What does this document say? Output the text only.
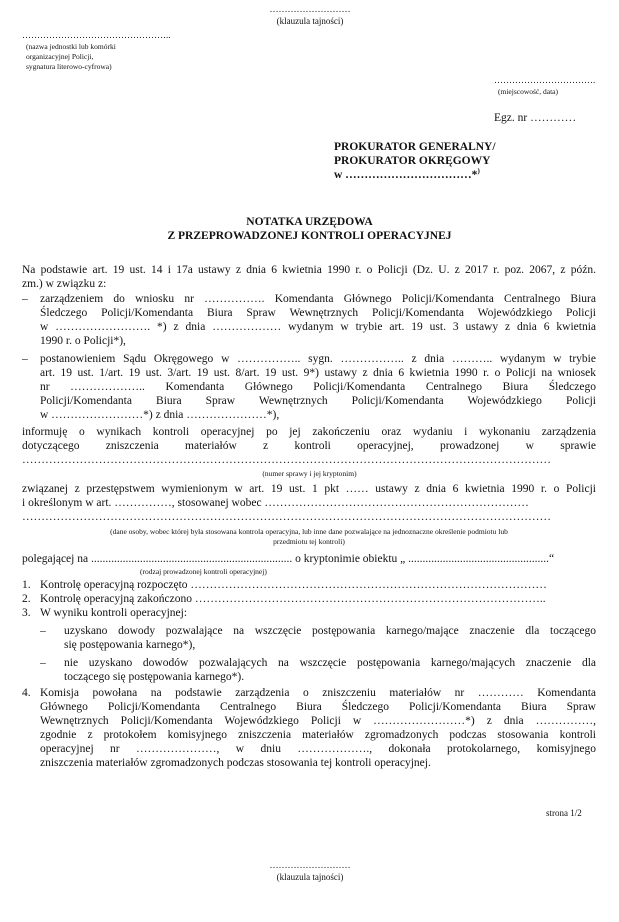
………………………
(klauzula tajności)
…………………………………………..
(nazwa jednostki lub komórki
organizacyjnej Policji,
sygnatura literowo-cyfrowa)
…………………………….
(miejscowość, data)
Egz. nr …………
PROKURATOR GENERALNY/
PROKURATOR OKRĘGOWY
w ……………………………*)
NOTATKA URZĘDOWA
Z PRZEPROWADZONEJ KONTROLI OPERACYJNEJ
Na podstawie art. 19 ust. 14 i 17a ustawy z dnia 6 kwietnia 1990 r. o Policji (Dz. U. z 2017 r. poz. 2067, z późn.
zm.) w związku z:
– zarządzeniem do wniosku nr ……………. Komendanta Głównego Policji/Komendanta Centralnego Biura
Śledczego Policji/Komendanta Biura Spraw Wewnętrznych Policji/Komendanta Wojewódzkiego Policji
w ……………………. *) z dnia ……………… wydanym w trybie art. 19 ust. 3 ustawy z dnia 6 kwietnia
1990 r. o Policji*),
– postanowieniem Sądu Okręgowego w …………….. sygn. …………….. z dnia ……….. wydanym w trybie
art. 19 ust. 1/art. 19 ust. 3/art. 19 ust. 8/art. 19 ust. 9*) ustawy z dnia 6 kwietnia 1990 r. o Policji na wniosek
nr ……………….. Komendanta Głównego Policji/Komendanta Centralnego Biura Śledczego
Policji/Komendanta Biura Spraw Wewnętrznych Policji/Komendanta Wojewódzkiego Policji
w ……………………*) z dnia …………………*),
informuję o wynikach kontroli operacyjnej po jej zakończeniu oraz wydaniu i wykonaniu zarządzenia
dotyczącego zniszczenia materiałów z kontroli operacyjnej, prowadzonej w sprawie
…………………………………………………………………………………………………………………………
(numer sprawy i jej kryptonim)
związanej z przestępstwem wymienionym w art. 19 ust. 1 pkt …… ustawy z dnia 6 kwietnia 1990 r. o Policji
i określonym w art. ……………, stosowanej wobec ……………………………………………………………
…………………………………………………………………………………………………………………………
(dane osoby, wobec której była stosowana kontrola operacyjna, lub inne dane pozwalające na jednoznaczne określenie podmiotu lub
przedmiotu tej kontroli)
polegającej na ...................................................................... o kryptonimie obiektu „ .................................................“
(rodzaj prowadzonej kontroli operacyjnej)
1. Kontrolę operacyjną rozpoczęto …………………………………………………………………………………
2. Kontrolę operacyjną zakończono ………………………………………………………………………………..
3. W wyniku kontroli operacyjnej:
– uzyskano dowody pozwalające na wszczęcie postępowania karnego/mające znaczenie dla toczącego
się postępowania karnego*),
– nie uzyskano dowodów pozwalających na wszczęcie postępowania karnego/mających znaczenie dla
toczącego się postępowania karnego*).
4. Komisja powołana na podstawie zarządzenia o zniszczeniu materiałów nr ………… Komendanta
Głównego Policji/Komendanta Centralnego Biura Śledczego Policji/Komendanta Biura Spraw
Wewnętrznych Policji/Komendanta Wojewódzkiego Policji w ……………………*) z dnia ……………,
zgodnie z protokołem komisyjnego zniszczenia materiałów zgromadzonych podczas stosowania kontroli
operacyjnej nr …………………, w dniu ………………., dokonała protokolarnego, komisyjnego
zniszczenia materiałów zgromadzonych podczas stosowania tej kontroli operacyjnej.
strona 1/2
………………………
(klauzula tajności)
